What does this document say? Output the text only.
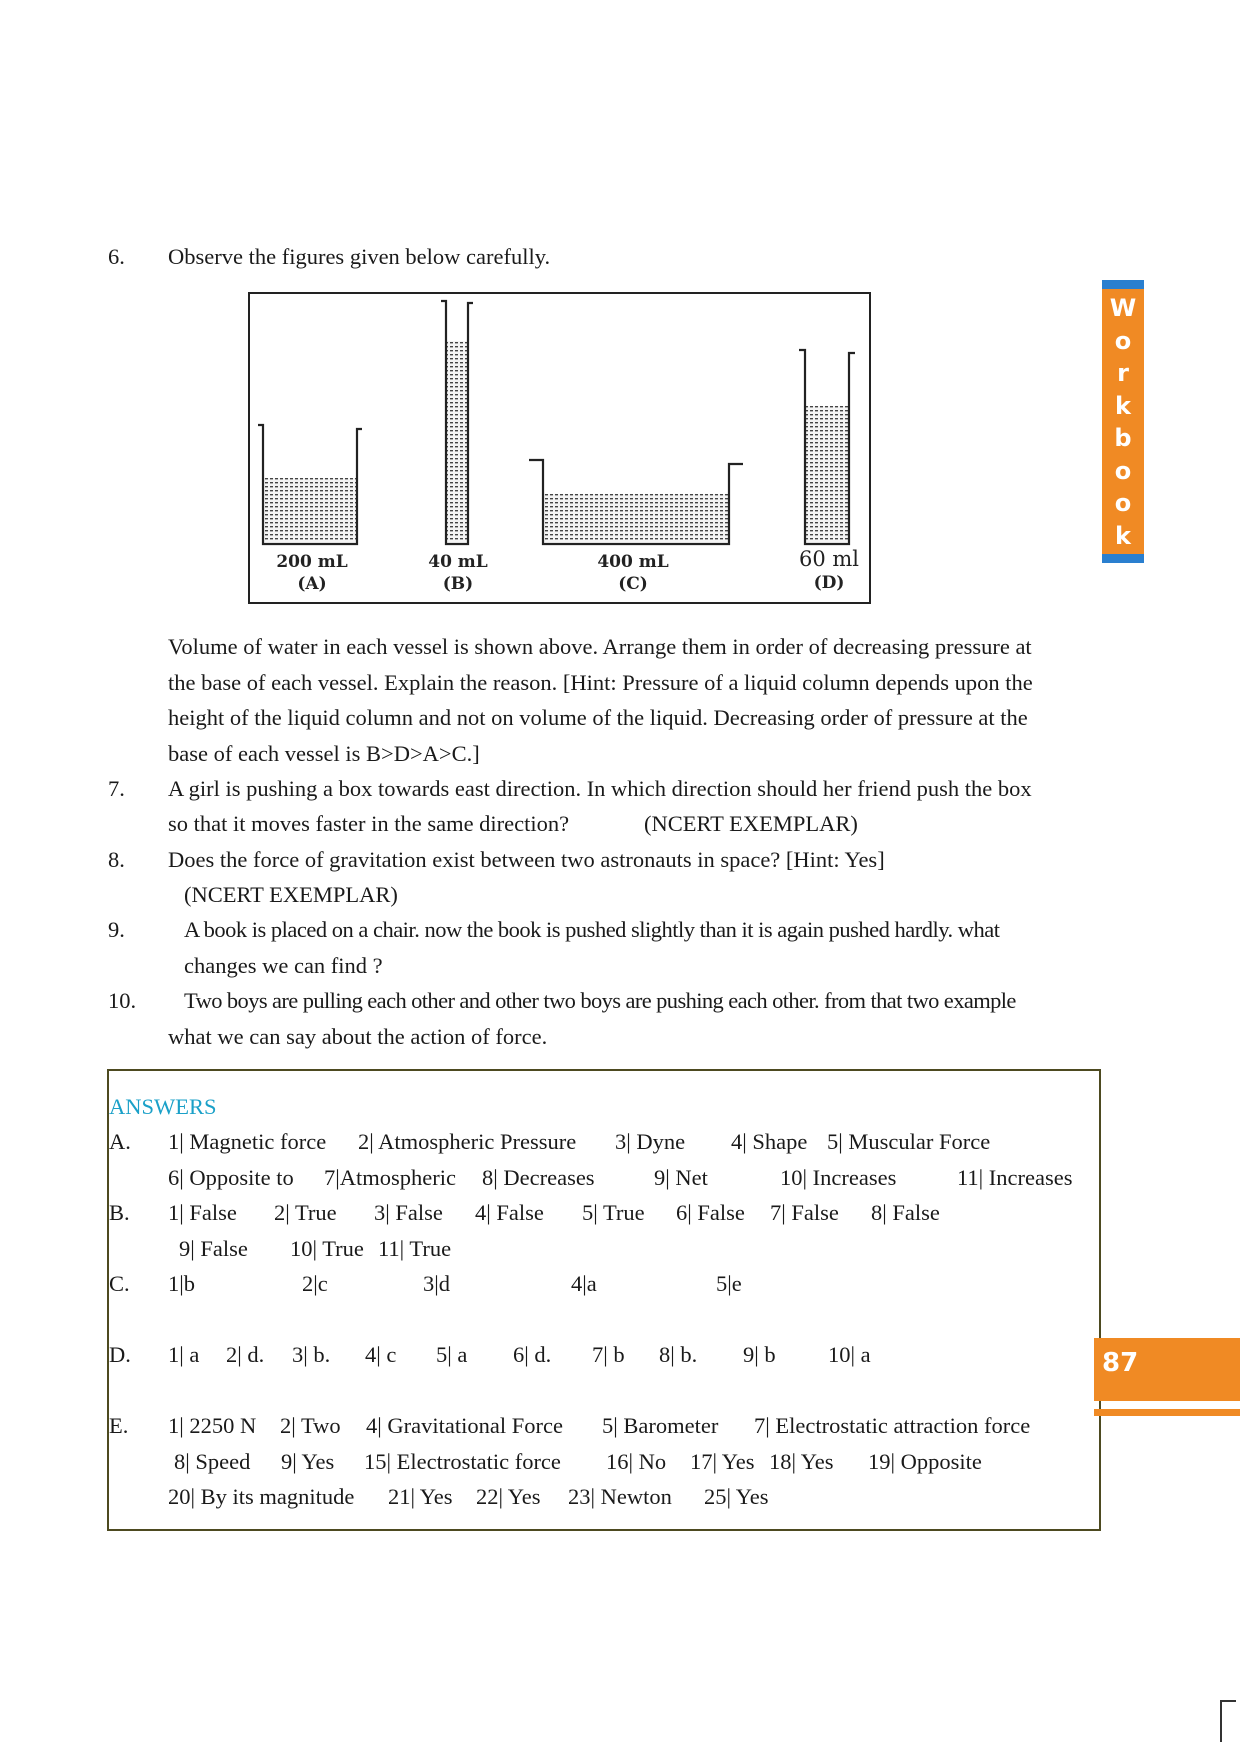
6. Observe the figures given below carefully.
200 mL
(A)
40 mL
(B)
400 mL
(C)
60 ml
(D)
Volume of water in each vessel is shown above. Arrange them in order of decreasing pressure at
the base of each vessel. Explain the reason. [Hint: Pressure of a liquid column depends upon the
height of the liquid column and not on volume of the liquid. Decreasing order of pressure at the
base of each vessel is B>D>A>C.]
7. A girl is pushing a box towards east direction. In which direction should her friend push the box
so that it moves faster in the same direction?	(NCERT EXEMPLAR)
8. Does the force of gravitation exist between two astronauts in space? [Hint: Yes]
(NCERT EXEMPLAR)
9.	A book is placed on a chair. now the book is pushed slightly than it is again pushed hardly. what
changes we can find ?
10. Two boys are pulling each other and other two boys are pushing each other. from that two example
what we can say about the action of force.
W
o
r
k
b
o
o
k
ANSWERS
A. 1| Magnetic force 2| Atmospheric Pressure 3| Dyne 4| Shape 5| Muscular Force
6| Opposite to 7|Atmospheric 8| Decreases	9| Net	10| Increases	11| Increases
B. 1| False 2| True 3| False 4| False 5| True 6| False 7| False 8| False
9| False 10| True 11| True
C. 1|b	2|c	3|d	4|a	5|e
D. 1| a 2| d. 3| b. 4| c 5| a 6| d. 7| b 8| b. 9| b 10| a
E. 1| 2250 N 2| Two 4| Gravitational Force 5| Barometer 7| Electrostatic attraction force
8| Speed 9| Yes 15| Electrostatic force 16| No 17| Yes 18| Yes 19| Opposite
20| By its magnitude 21| Yes 22| Yes 23| Newton 25| Yes
87
